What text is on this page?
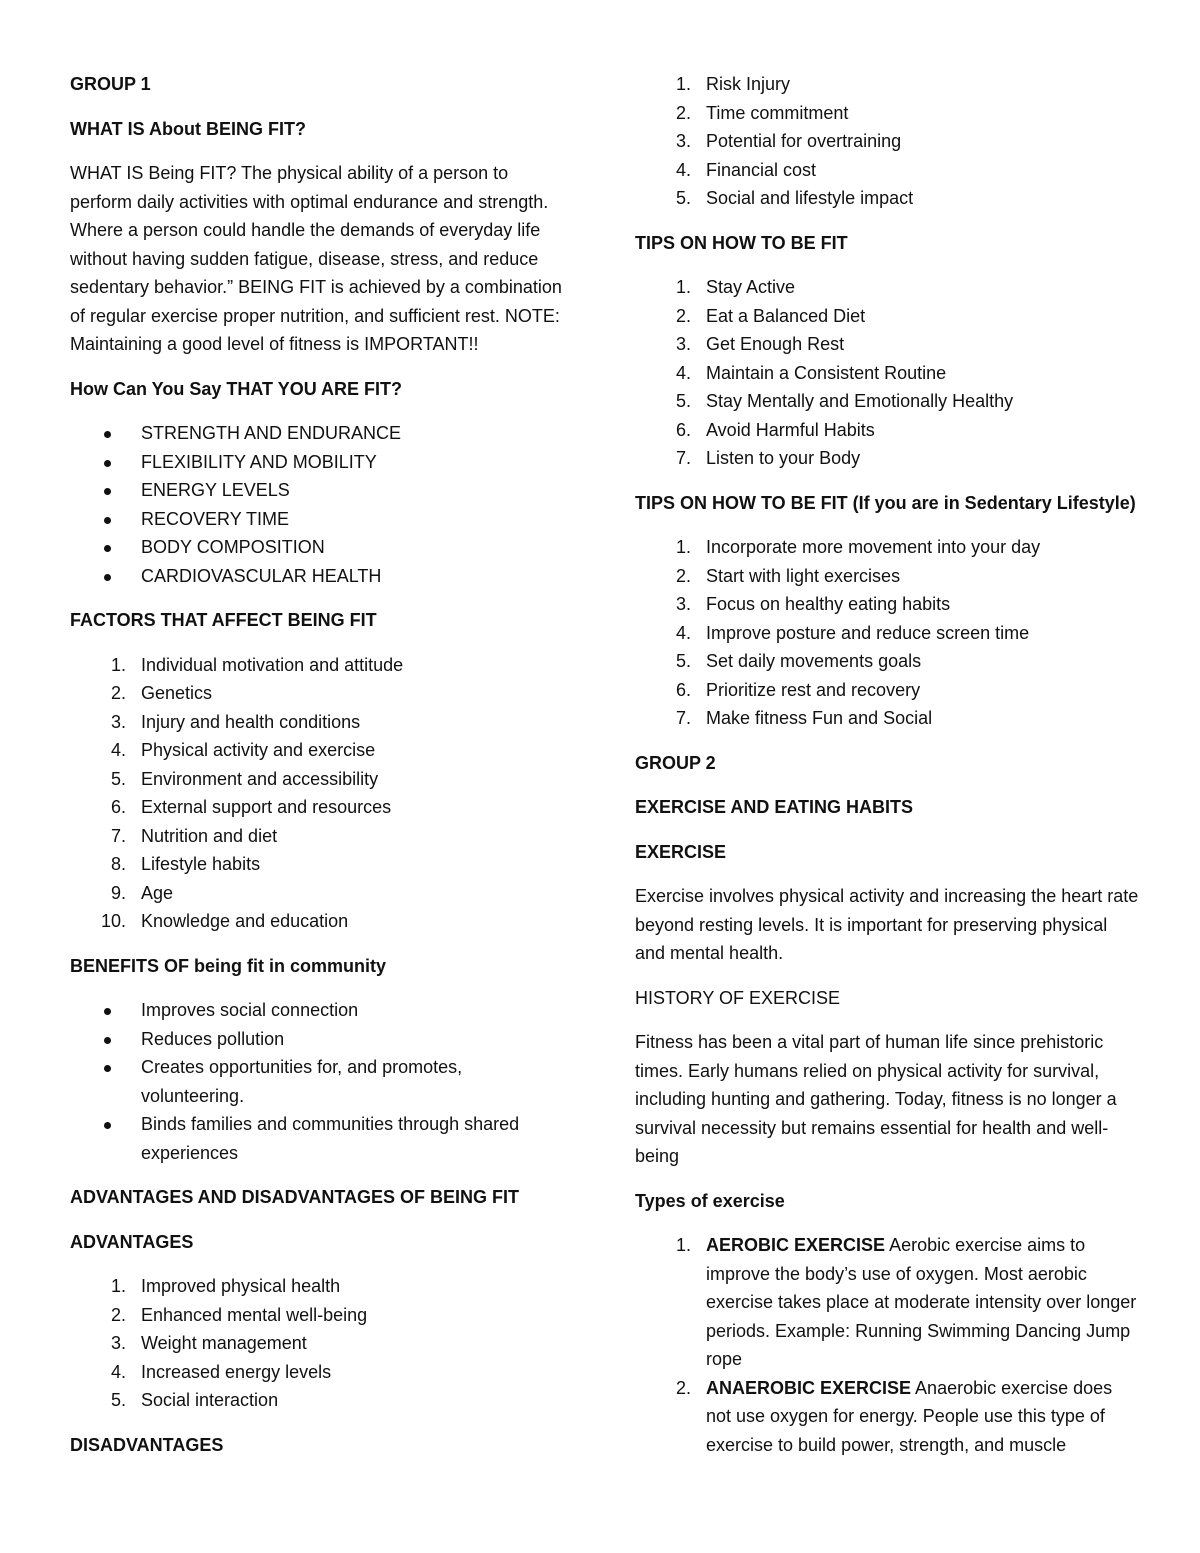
GROUP 1

WHAT IS About BEING FIT?

WHAT IS Being FIT? The physical ability of a person to perform daily activities with optimal endurance and strength. Where a person could handle the demands of everyday life without having sudden fatigue, disease, stress, and reduce sedentary behavior.” BEING FIT is achieved by a combination of regular exercise proper nutrition, and sufficient rest. NOTE: Maintaining a good level of fitness is IMPORTANT!!

How Can You Say THAT YOU ARE FIT?

STRENGTH AND ENDURANCE
FLEXIBILITY AND MOBILITY
ENERGY LEVELS
RECOVERY TIME
BODY COMPOSITION
CARDIOVASCULAR HEALTH

FACTORS THAT AFFECT BEING FIT

1. Individual motivation and attitude
2. Genetics
3. Injury and health conditions
4. Physical activity and exercise
5. Environment and accessibility
6. External support and resources
7. Nutrition and diet
8. Lifestyle habits
9. Age
10. Knowledge and education

BENEFITS OF being fit in community

Improves social connection
Reduces pollution
Creates opportunities for, and promotes, volunteering.
Binds families and communities through shared experiences

ADVANTAGES AND DISADVANTAGES OF BEING FIT

ADVANTAGES

1. Improved physical health
2. Enhanced mental well-being
3. Weight management
4. Increased energy levels
5. Social interaction

DISADVANTAGES

1. Risk Injury
2. Time commitment
3. Potential for overtraining
4. Financial cost
5. Social and lifestyle impact

TIPS ON HOW TO BE FIT

1. Stay Active
2. Eat a Balanced Diet
3. Get Enough Rest
4. Maintain a Consistent Routine
5. Stay Mentally and Emotionally Healthy
6. Avoid Harmful Habits
7. Listen to your Body

TIPS ON HOW TO BE FIT (If you are in Sedentary Lifestyle)

1. Incorporate more movement into your day
2. Start with light exercises
3. Focus on healthy eating habits
4. Improve posture and reduce screen time
5. Set daily movements goals
6. Prioritize rest and recovery
7. Make fitness Fun and Social

GROUP 2

EXERCISE AND EATING HABITS

EXERCISE

Exercise involves physical activity and increasing the heart rate beyond resting levels. It is important for preserving physical and mental health.

HISTORY OF EXERCISE

Fitness has been a vital part of human life since prehistoric times. Early humans relied on physical activity for survival, including hunting and gathering. Today, fitness is no longer a survival necessity but remains essential for health and well-being

Types of exercise

1. AEROBIC EXERCISE Aerobic exercise aims to improve the body’s use of oxygen. Most aerobic exercise takes place at moderate intensity over longer periods. Example: Running Swimming Dancing Jump rope
2. ANAEROBIC EXERCISE Anaerobic exercise does not use oxygen for energy. People use this type of exercise to build power, strength, and muscle
